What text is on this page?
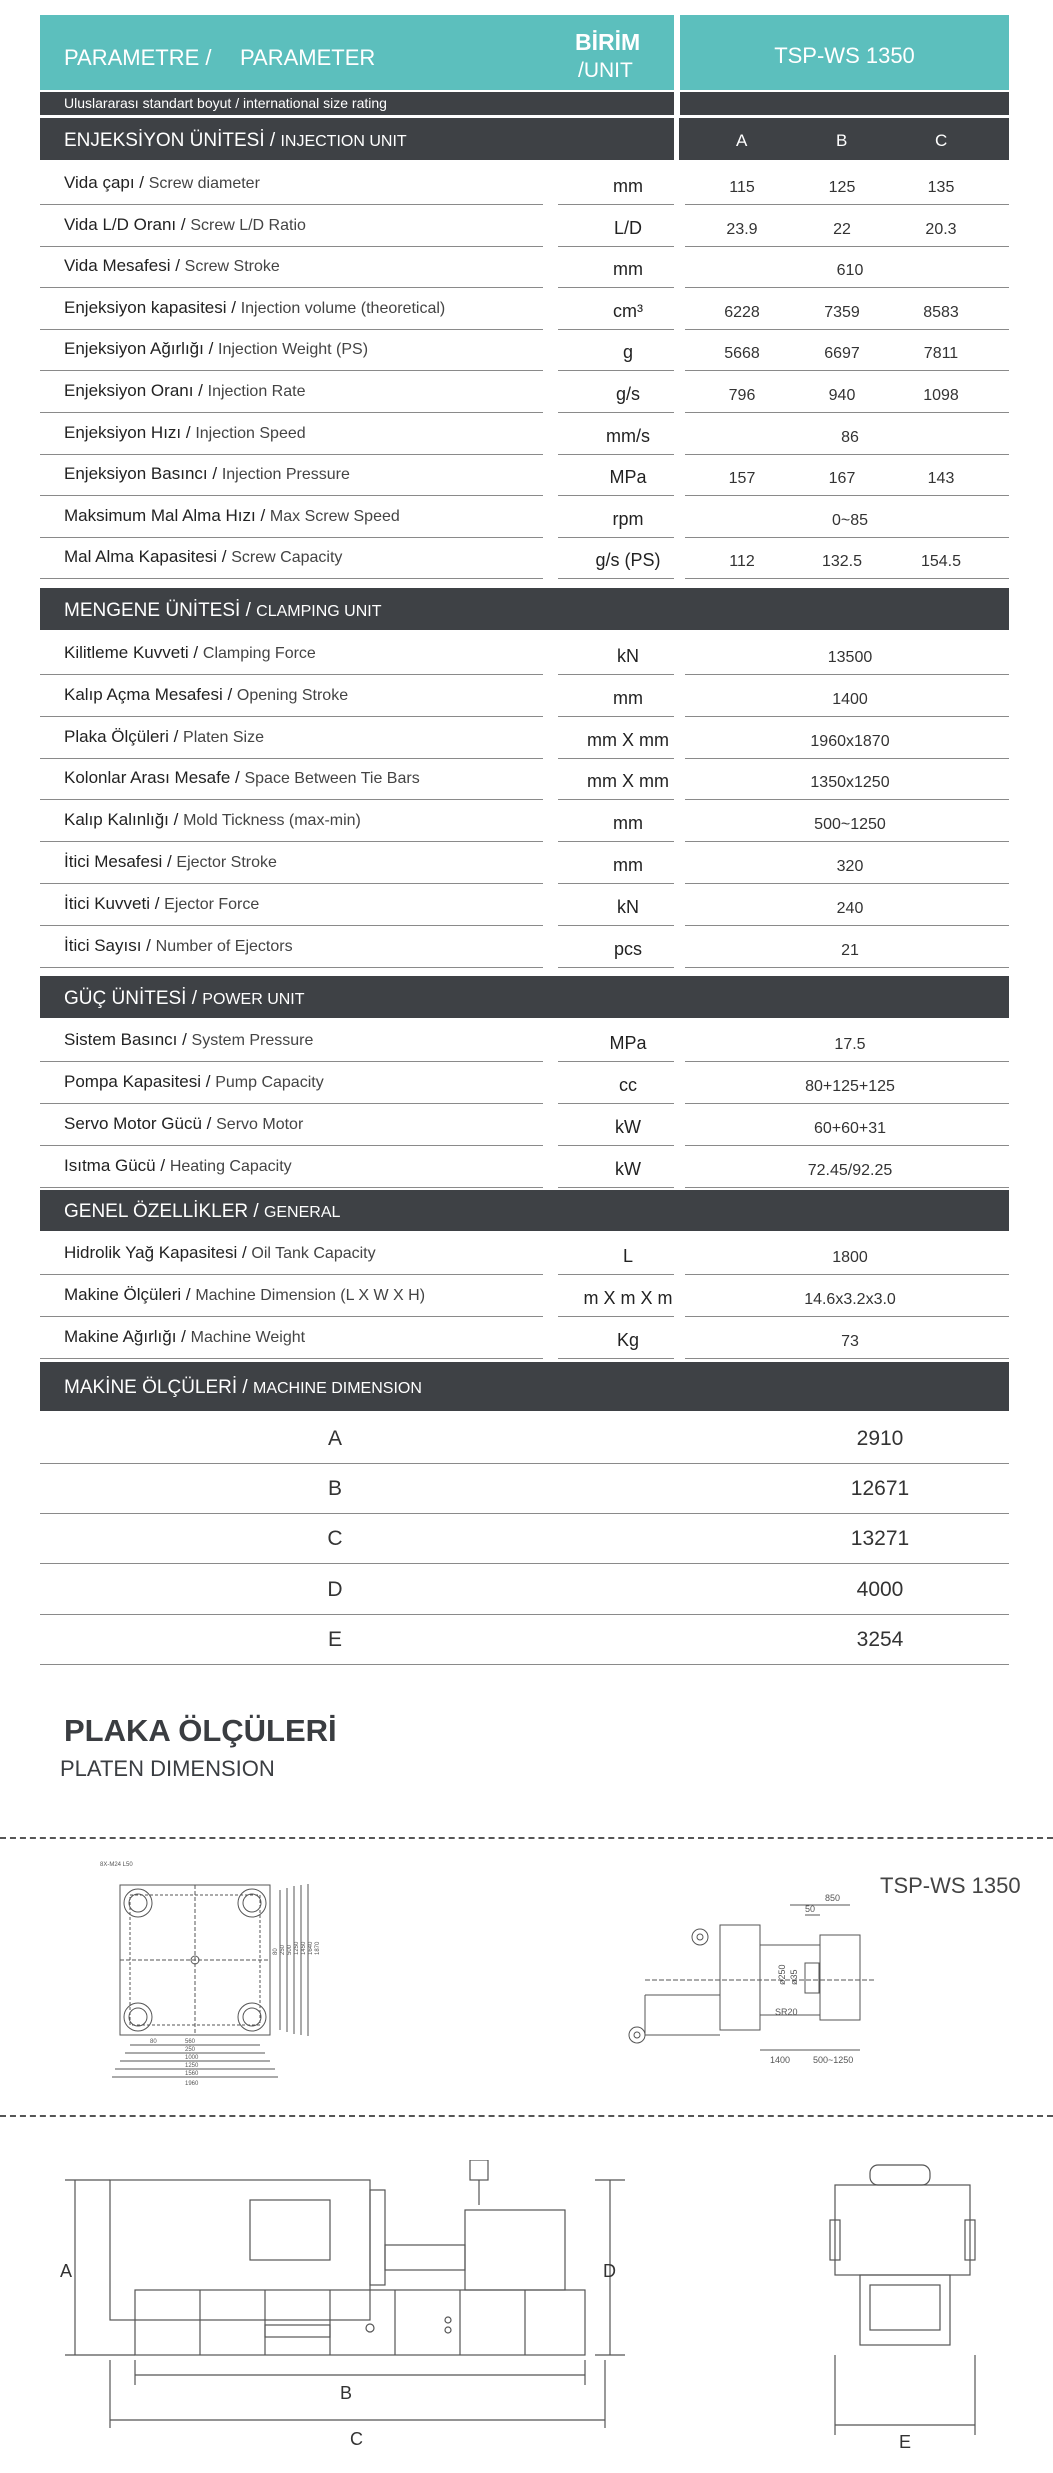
PARAMETRE / PARAMETER
BİRİM
/UNIT
TSP-WS 1350
Uluslararası standart boyut / international size rating
ENJEKSİYON ÜNİTESİ / INJECTION UNIT	A	B	C
Vida çapı / Screw diameter	mm	115	125	135
Vida L/D Oranı / Screw L/D Ratio	L/D	23.9	22	20.3
Vida Mesafesi / Screw Stroke	mm	610
Enjeksiyon kapasitesi / Injection volume (theoretical)	cm³	6228	7359	8583
Enjeksiyon Ağırlığı / Injection Weight (PS)	g	5668	6697	7811
Enjeksiyon Oranı / Injection Rate	g/s	796	940	1098
Enjeksiyon Hızı / Injection Speed	mm/s	86
Enjeksiyon Basıncı / Injection Pressure	MPa	157	167	143
Maksimum Mal Alma Hızı / Max Screw Speed	rpm	0~85
Mal Alma Kapasitesi / Screw Capacity	g/s (PS)	112	132.5	154.5
MENGENE ÜNİTESİ / CLAMPING UNIT
Kilitleme Kuvveti / Clamping Force	kN	13500
Kalıp Açma Mesafesi / Opening Stroke	mm	1400
Plaka Ölçüleri / Platen Size	mm X mm	1960x1870
Kolonlar Arası Mesafe / Space Between Tie Bars	mm X mm	1350x1250
Kalıp Kalınlığı / Mold Tickness (max-min)	mm	500~1250
İtici Mesafesi / Ejector Stroke	mm	320
İtici Kuvveti / Ejector Force	kN	240
İtici Sayısı / Number of Ejectors	pcs	21
GÜÇ ÜNİTESİ / POWER UNIT
Sistem Basıncı / System Pressure	MPa	17.5
Pompa Kapasitesi / Pump Capacity	cc	80+125+125
Servo Motor Gücü / Servo Motor	kW	60+60+31
Isıtma Gücü / Heating Capacity	kW	72.45/92.25
GENEL ÖZELLİKLER / GENERAL
Hidrolik Yağ Kapasitesi / Oil Tank Capacity	L	1800
Makine Ölçüleri / Machine Dimension (L X W X H)	m X m X m	14.6x3.2x3.0
Makine Ağırlığı / Machine Weight	Kg	73
MAKİNE ÖLÇÜLERİ / MACHINE DIMENSION
A	2910
B	12671
C	13271
D	4000
E	3254
PLAKA ÖLÇÜLERİ
PLATEN DIMENSION
TSP-WS 1350
8X-M24 L50
250
1000
1250
1560
1960
560
80
250 500 1250 1450 1640 1870
80
850
50
ø250 ø35
SR20
1400	500~1250
A
B
C
D
E
